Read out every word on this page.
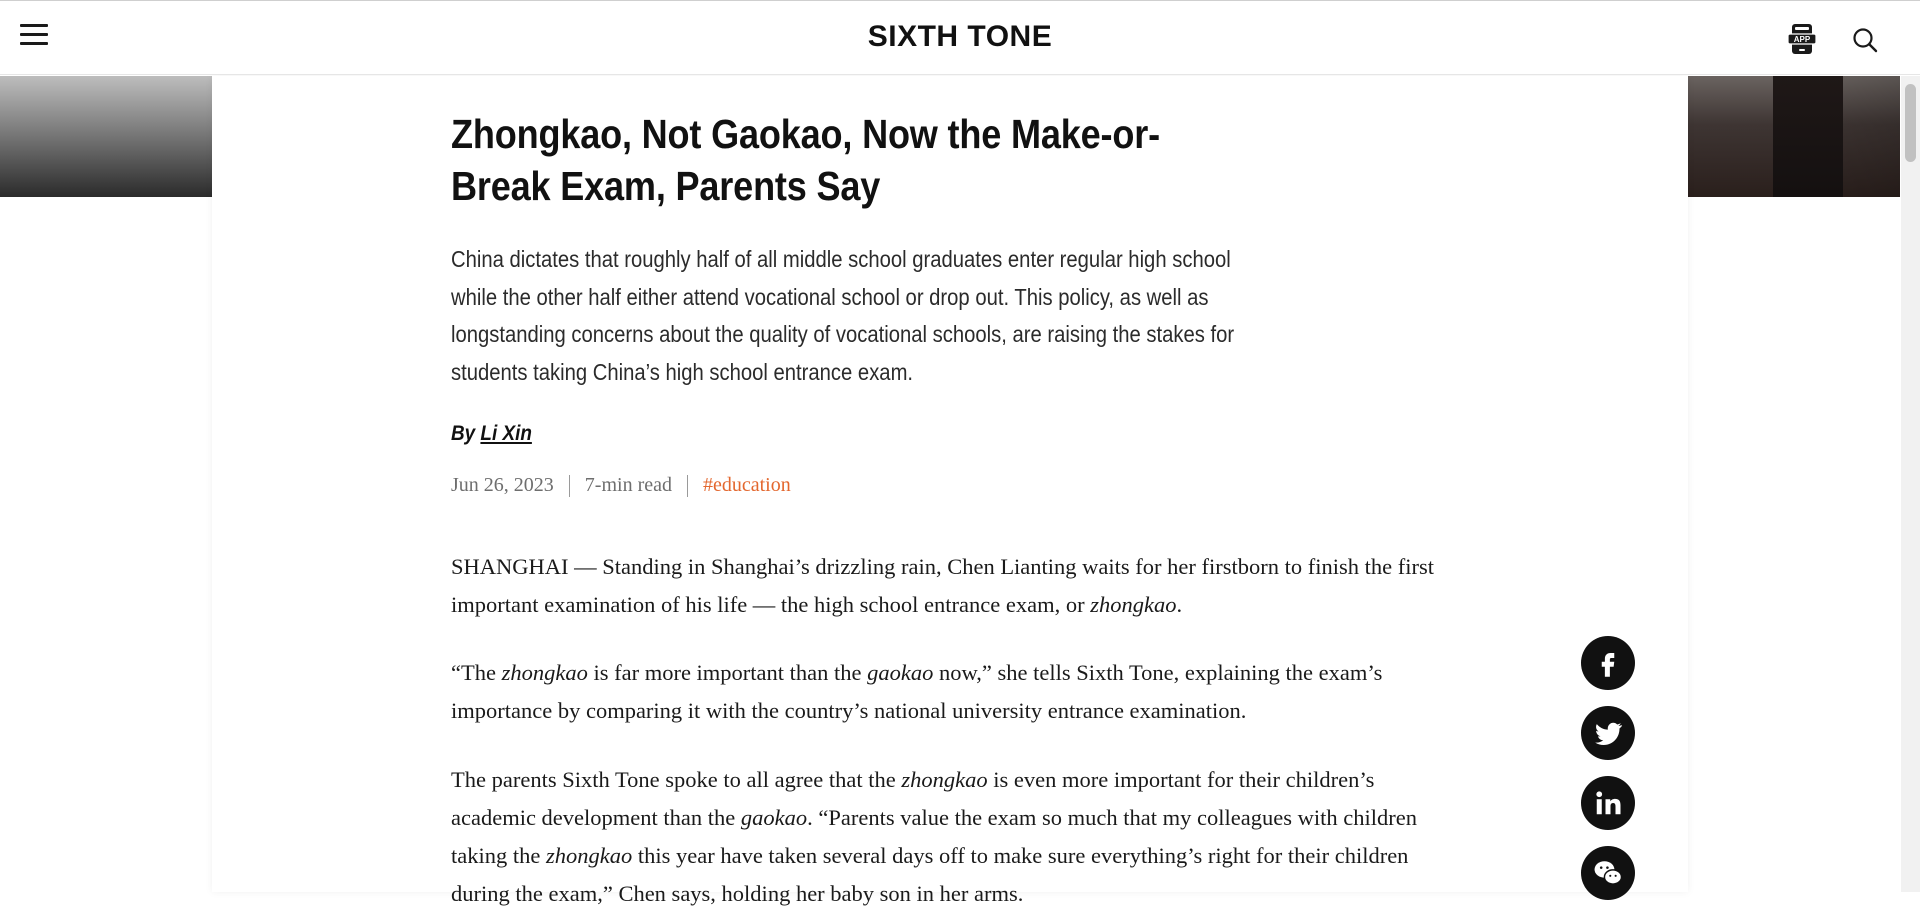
Zhongkao, Not Gaokao, Now the Make-or-Break Exam, Parents Say

China dictates that roughly half of all middle school graduates enter regular high school while the other half either attend vocational school or drop out. This policy, as well as longstanding concerns about the quality of vocational schools, are raising the stakes for students taking China’s high school entrance exam.

By Li Xin
Jun 26, 2023 7-min read #education

SHANGHAI — Standing in Shanghai’s drizzling rain, Chen Lianting waits for her firstborn to finish the first important examination of his life — the high school entrance exam, or zhongkao.

“The zhongkao is far more important than the gaokao now,” she tells Sixth Tone, explaining the exam’s importance by comparing it with the country’s national university entrance examination.

The parents Sixth Tone spoke to all agree that the zhongkao is even more important for their children’s academic development than the gaokao. “Parents value the exam so much that my colleagues with children taking the zhongkao this year have taken several days off to make sure everything’s right for their children during the exam,” Chen says, holding her baby son in her arms.

SIXTH TONE	APP
